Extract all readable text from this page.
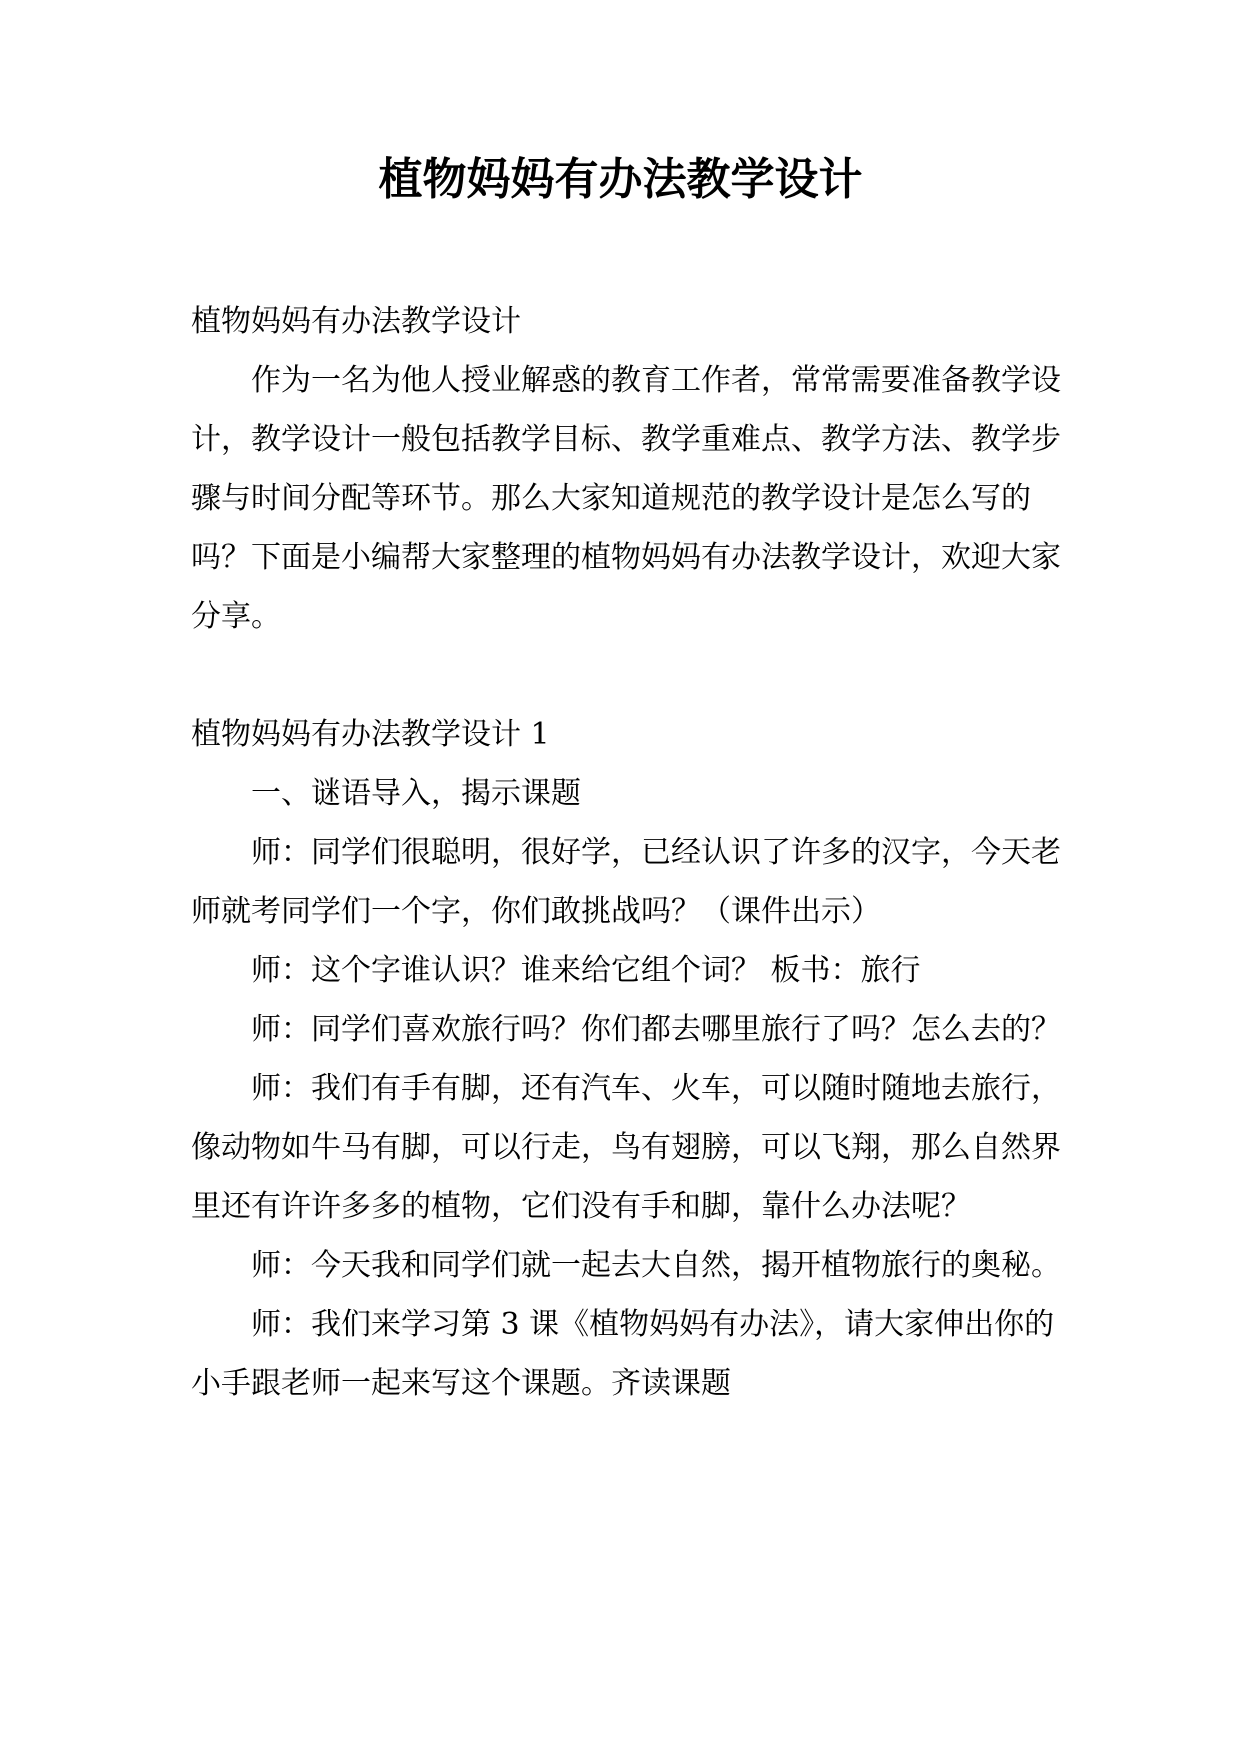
植物妈妈有办法教学设计

植物妈妈有办法教学设计

作为一名为他人授业解惑的教育工作者，常常需要准备教学设计，教学设计一般包括教学目标、教学重难点、教学方法、教学步骤与时间分配等环节。那么大家知道规范的教学设计是怎么写的吗？下面是小编帮大家整理的植物妈妈有办法教学设计，欢迎大家分享。

植物妈妈有办法教学设计 1

一、谜语导入，揭示课题

师：同学们很聪明，很好学，已经认识了许多的汉字，今天老师就考同学们一个字，你们敢挑战吗？（课件出示）

师：这个字谁认识？谁来给它组个词？ 板书：旅行

师：同学们喜欢旅行吗？你们都去哪里旅行了吗？怎么去的？

师：我们有手有脚，还有汽车、火车，可以随时随地去旅行，像动物如牛马有脚，可以行走，鸟有翅膀，可以飞翔，那么自然界里还有许许多多的植物，它们没有手和脚，靠什么办法呢？

师：今天我和同学们就一起去大自然，揭开植物旅行的奥秘。

师：我们来学习第 3 课《植物妈妈有办法》，请大家伸出你的小手跟老师一起来写这个课题。齐读课题
